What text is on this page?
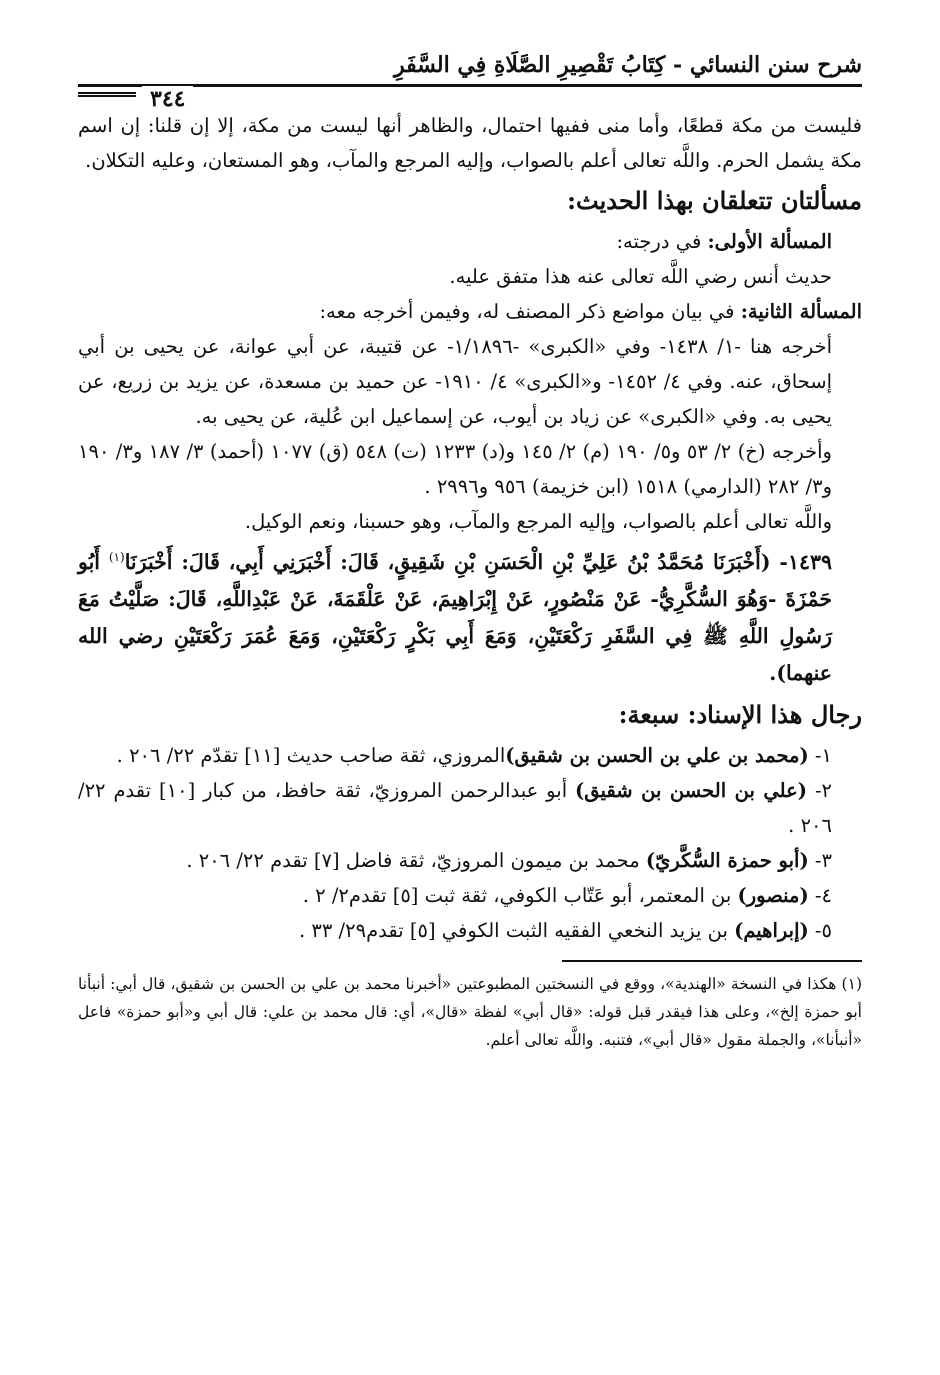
شرح سنن النسائي - كِتَابُ تَقْصِيرِ الصَّلَاةِ فِي السَّفَرِ
٣٤٤

فليست من مكة قطعًا، وأما منى ففيها احتمال، والظاهر أنها ليست من مكة، إلا إن قلنا: إن اسم مكة يشمل الحرم. واللَّه تعالى أعلم بالصواب، وإليه المرجع والمآب، وهو المستعان، وعليه التكلان.

مسألتان تتعلقان بهذا الحديث:

المسألة الأولى: في درجته:

حديث أنس رضي اللَّه تعالى عنه هذا متفق عليه.

المسألة الثانية: في بيان مواضع ذكر المصنف له، وفيمن أخرجه معه:

أخرجه هنا -١/ ١٤٣٨- وفي «الكبرى» -١/١٨٩٦- عن قتيبة، عن أبي عوانة، عن يحيى بن أبي إسحاق، عنه. وفي ٤/ ١٤٥٢- و«الكبرى» ٤/ ١٩١٠- عن حميد بن مسعدة، عن يزيد بن زريع، عن يحيى به. وفي «الكبرى» عن زياد بن أيوب، عن إسماعيل ابن عُلية، عن يحيى به.

وأخرجه (خ) ٢/ ٥٣ و٥/ ١٩٠ (م) ٢/ ١٤٥ و(د) ١٢٣٣ (ت) ٥٤٨ (ق) ١٠٧٧ (أحمد) ٣/ ١٨٧ و٣/ ١٩٠ و٣/ ٢٨٢ (الدارمي) ١٥١٨ (ابن خزيمة) ٩٥٦ و٢٩٩٦ .

واللَّه تعالى أعلم بالصواب، وإليه المرجع والمآب، وهو حسبنا، ونعم الوكيل.

١٤٣٩- (أَخْبَرَنَا مُحَمَّدُ بْنُ عَلِيِّ بْنِ الْحَسَنِ بْنِ شَقِيقٍ، قَالَ: أَخْبَرَنِي أَبِي، قَالَ: أَخْبَرَنَا$^{(١)}$ أَبُو حَمْزَةَ -وَهُوَ السُّكَّرِيُّ- عَنْ مَنْصُورٍ، عَنْ إِبْرَاهِيمَ، عَنْ عَلْقَمَةَ، عَنْ عَبْدِاللَّهِ، قَالَ: صَلَّيْتُ مَعَ رَسُولِ اللَّهِ ﷺ فِي السَّفَرِ رَكْعَتَيْنِ، وَمَعَ أَبِي بَكْرٍ رَكْعَتَيْنِ، وَمَعَ عُمَرَ رَكْعَتَيْنِ رضي الله عنهما).

رجال هذا الإسناد: سبعة:

١- (محمد بن علي بن الحسن بن شقيق)المروزي، ثقة صاحب حديث [١١] تقدّم ٢٢/ ٢٠٦ .

٢- (علي بن الحسن بن شقيق) أبو عبدالرحمن المروزيّ، ثقة حافظ، من كبار [١٠] تقدم ٢٢/ ٢٠٦ .

٣- (أبو حمزة السُّكَّريّ) محمد بن ميمون المروزيّ، ثقة فاضل [٧] تقدم ٢٢/ ٢٠٦ .

٤- (منصور) بن المعتمر، أبو عَتّاب الكوفي، ثقة ثبت [٥] تقدم٢/ ٢ .

٥- (إبراهيم) بن يزيد النخعي الفقيه الثبت الكوفي [٥] تقدم٢٩/ ٣٣ .

(١) هكذا في النسخة «الهندية»، ووقع في النسختين المطبوعتين «أخبرنا محمد بن علي بن الحسن بن شقيق، قال أبي: أنبأنا أبو حمزة إلخ»، وعلى هذا فيقدر قبل قوله: «قال أبي» لفظة «قال»، أي: قال محمد بن علي: قال أبي و«أبو حمزة» فاعل «أنبأنا»، والجملة مقول «قال أبي»، فتنبه. واللَّه تعالى أعلم.
